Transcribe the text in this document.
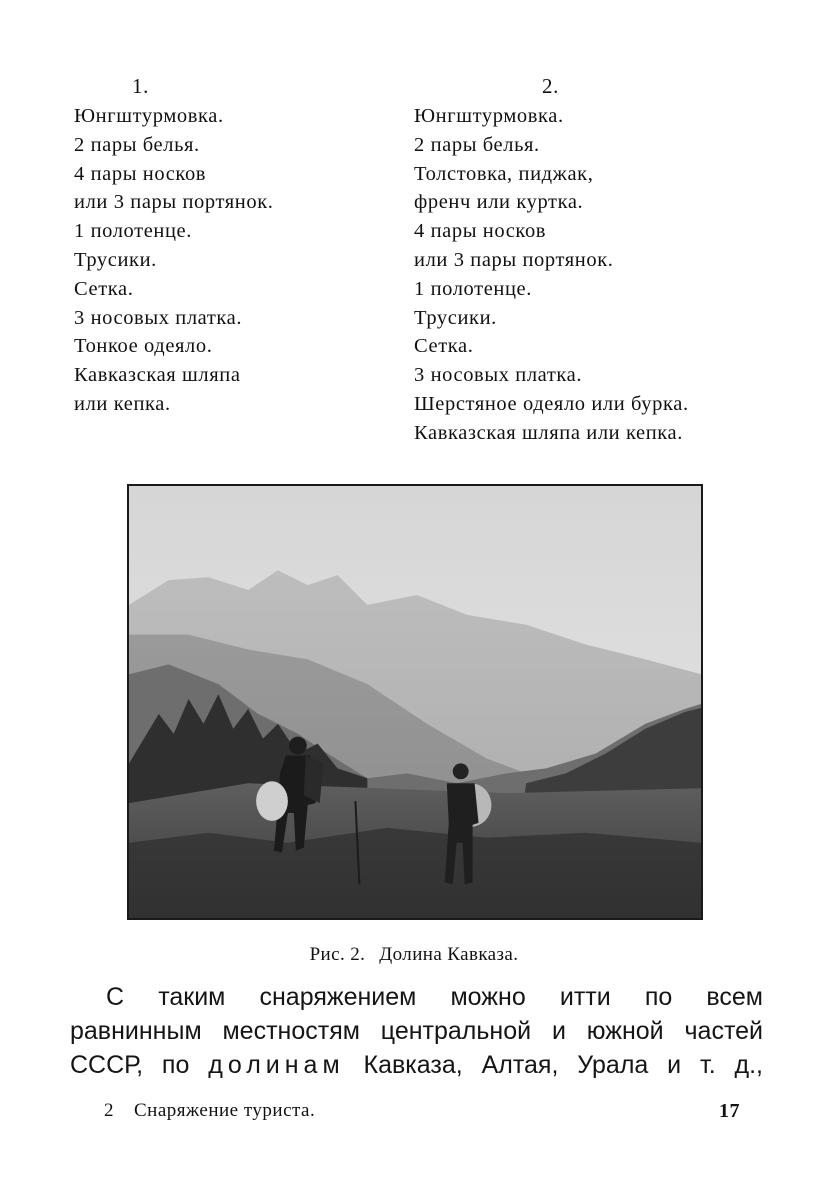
1.
Юнгштурмовка.
2 пары белья.
4 пары носков
или 3 пары портянок.
1 полотенце.
Трусики.
Сетка.
3 носовых платка.
Тонкое одеяло.
Кавказская шляпа
или кепка.
2.
Юнгштурмовка.
2 пары белья.
Толстовка, пиджак,
френч или куртка.
4 пары носков
или 3 пары портянок.
1 полотенце.
Трусики.
Сетка.
3 носовых платка.
Шерстяное одеяло или бурка.
Кавказская шляпа или кепка.
Рис. 2. Долина Кавказа.
С таким снаряжением можно итти по всем
равнинным местностям центральной и южной частей
СССР, по долинам Кавказа, Алтая, Урала и т. д.,
2 Снаряжение туриста.	17
